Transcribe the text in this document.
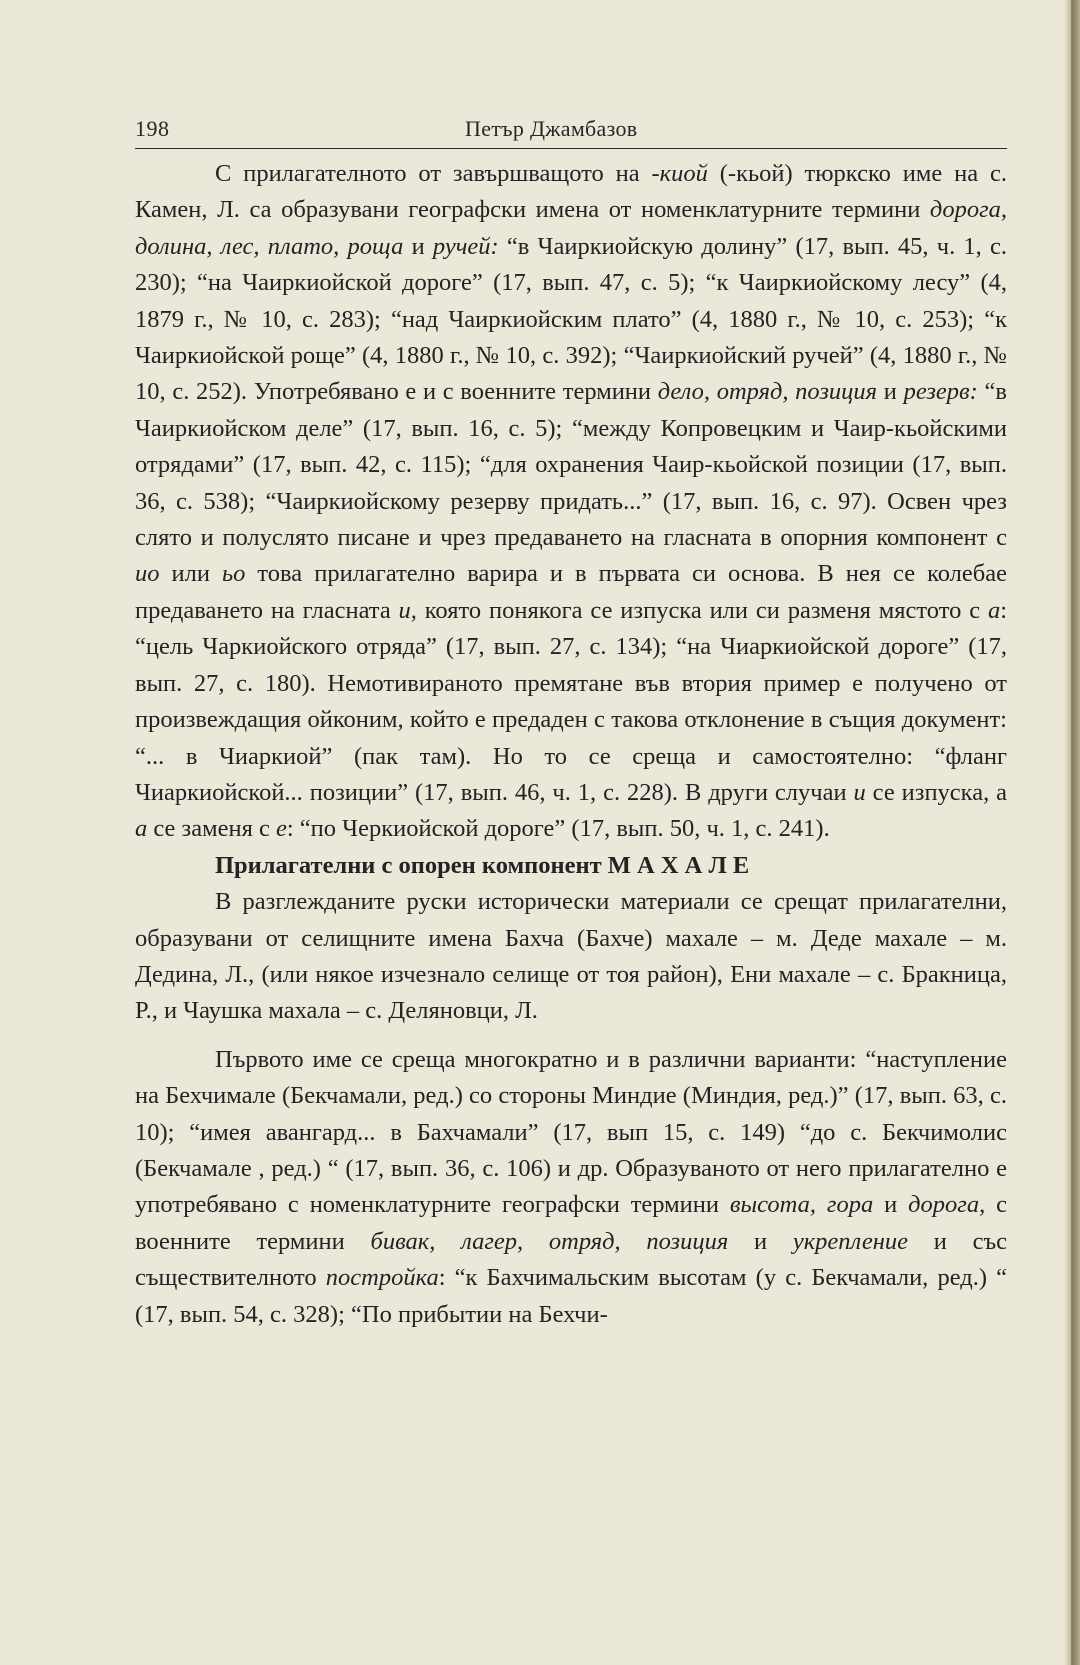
198	Петър Джамбазов

С прилагателното от завършващото на -киой (-кьой) тюркско име на с. Камен, Л. са образувани географски имена от номенклатурните термини дорога, долина, лес, плато, роща и ручей: “в Чаиркиойскую долину” (17, вып. 45, ч. 1, с. 230); “на Чаиркиойской дороге” (17, вып. 47, с. 5); “к Чаиркиойскому лесу” (4, 1879 г., № 10, с. 283); “над Чаиркиойским плато” (4, 1880 г., № 10, с. 253); “к Чаиркиойской роще” (4, 1880 г., № 10, с. 392); “Чаиркиойский ручей” (4, 1880 г., № 10, с. 252). Употребявано е и с военните термини дело, отряд, позиция и резерв: “в Чаиркиойском деле” (17, вып. 16, с. 5); “между Копровецким и Чаир-кьойскими отрядами” (17, вып. 42, с. 115); “для охранения Чаир-кьойской позиции (17, вып. 36, с. 538); “Чаиркиойскому резерву придать...” (17, вып. 16, с. 97). Освен чрез слято и полуслято писане и чрез предаването на гласната в опорния компонент с ио или ьо това прилагателно варира и в първата си основа. В нея се колебае предаването на гласната и, която понякога се изпуска или си разменя мястото с а: “цель Чаркиойского отряда” (17, вып. 27, с. 134); “на Чиаркиойской дороге” (17, вып. 27, с. 180). Немотивираното премятане във втория пример е получено от произвеждащия ойконим, който е предаден с такова отклонение в същия документ: “... в Чиаркиой” (пак там). Но то се среща и самостоятелно: “фланг Чиаркиойской... позиции” (17, вып. 46, ч. 1, с. 228). В други случаи и се изпуска, а а се заменя с е: “по Черкиойской дороге” (17, вып. 50, ч. 1, с. 241).

Прилагателни с опорен компонент М А Х А Л Е

В разглежданите руски исторически материали се срещат прилагателни, образувани от селищните имена Бахча (Бахче) махале – м. Деде махале – м. Дедина, Л., (или някое изчезнало селище от тоя район), Ени махале – с. Бракница, Р., и Чаушка махала – с. Деляновци, Л.

Първото име се среща многократно и в различни варианти: “наступление на Бехчимале (Бекчамали, ред.) со стороны Миндие (Миндия, ред.)” (17, вып. 63, с. 10); “имея авангард... в Бахчамали” (17, вып 15, с. 149) “до с. Бекчимолис (Бекчамале , ред.) “ (17, вып. 36, с. 106) и др. Образуваното от него прилагателно е употребявано с номенклатурните географски термини высота, гора и дорога, с военните термини бивак, лагер, отряд, позиция и укрепление и със съществителното постройка: “к Бахчимальским высотам (у с. Бекчамали, ред.) “ (17, вып. 54, с. 328); “По прибытии на Бехчи-
